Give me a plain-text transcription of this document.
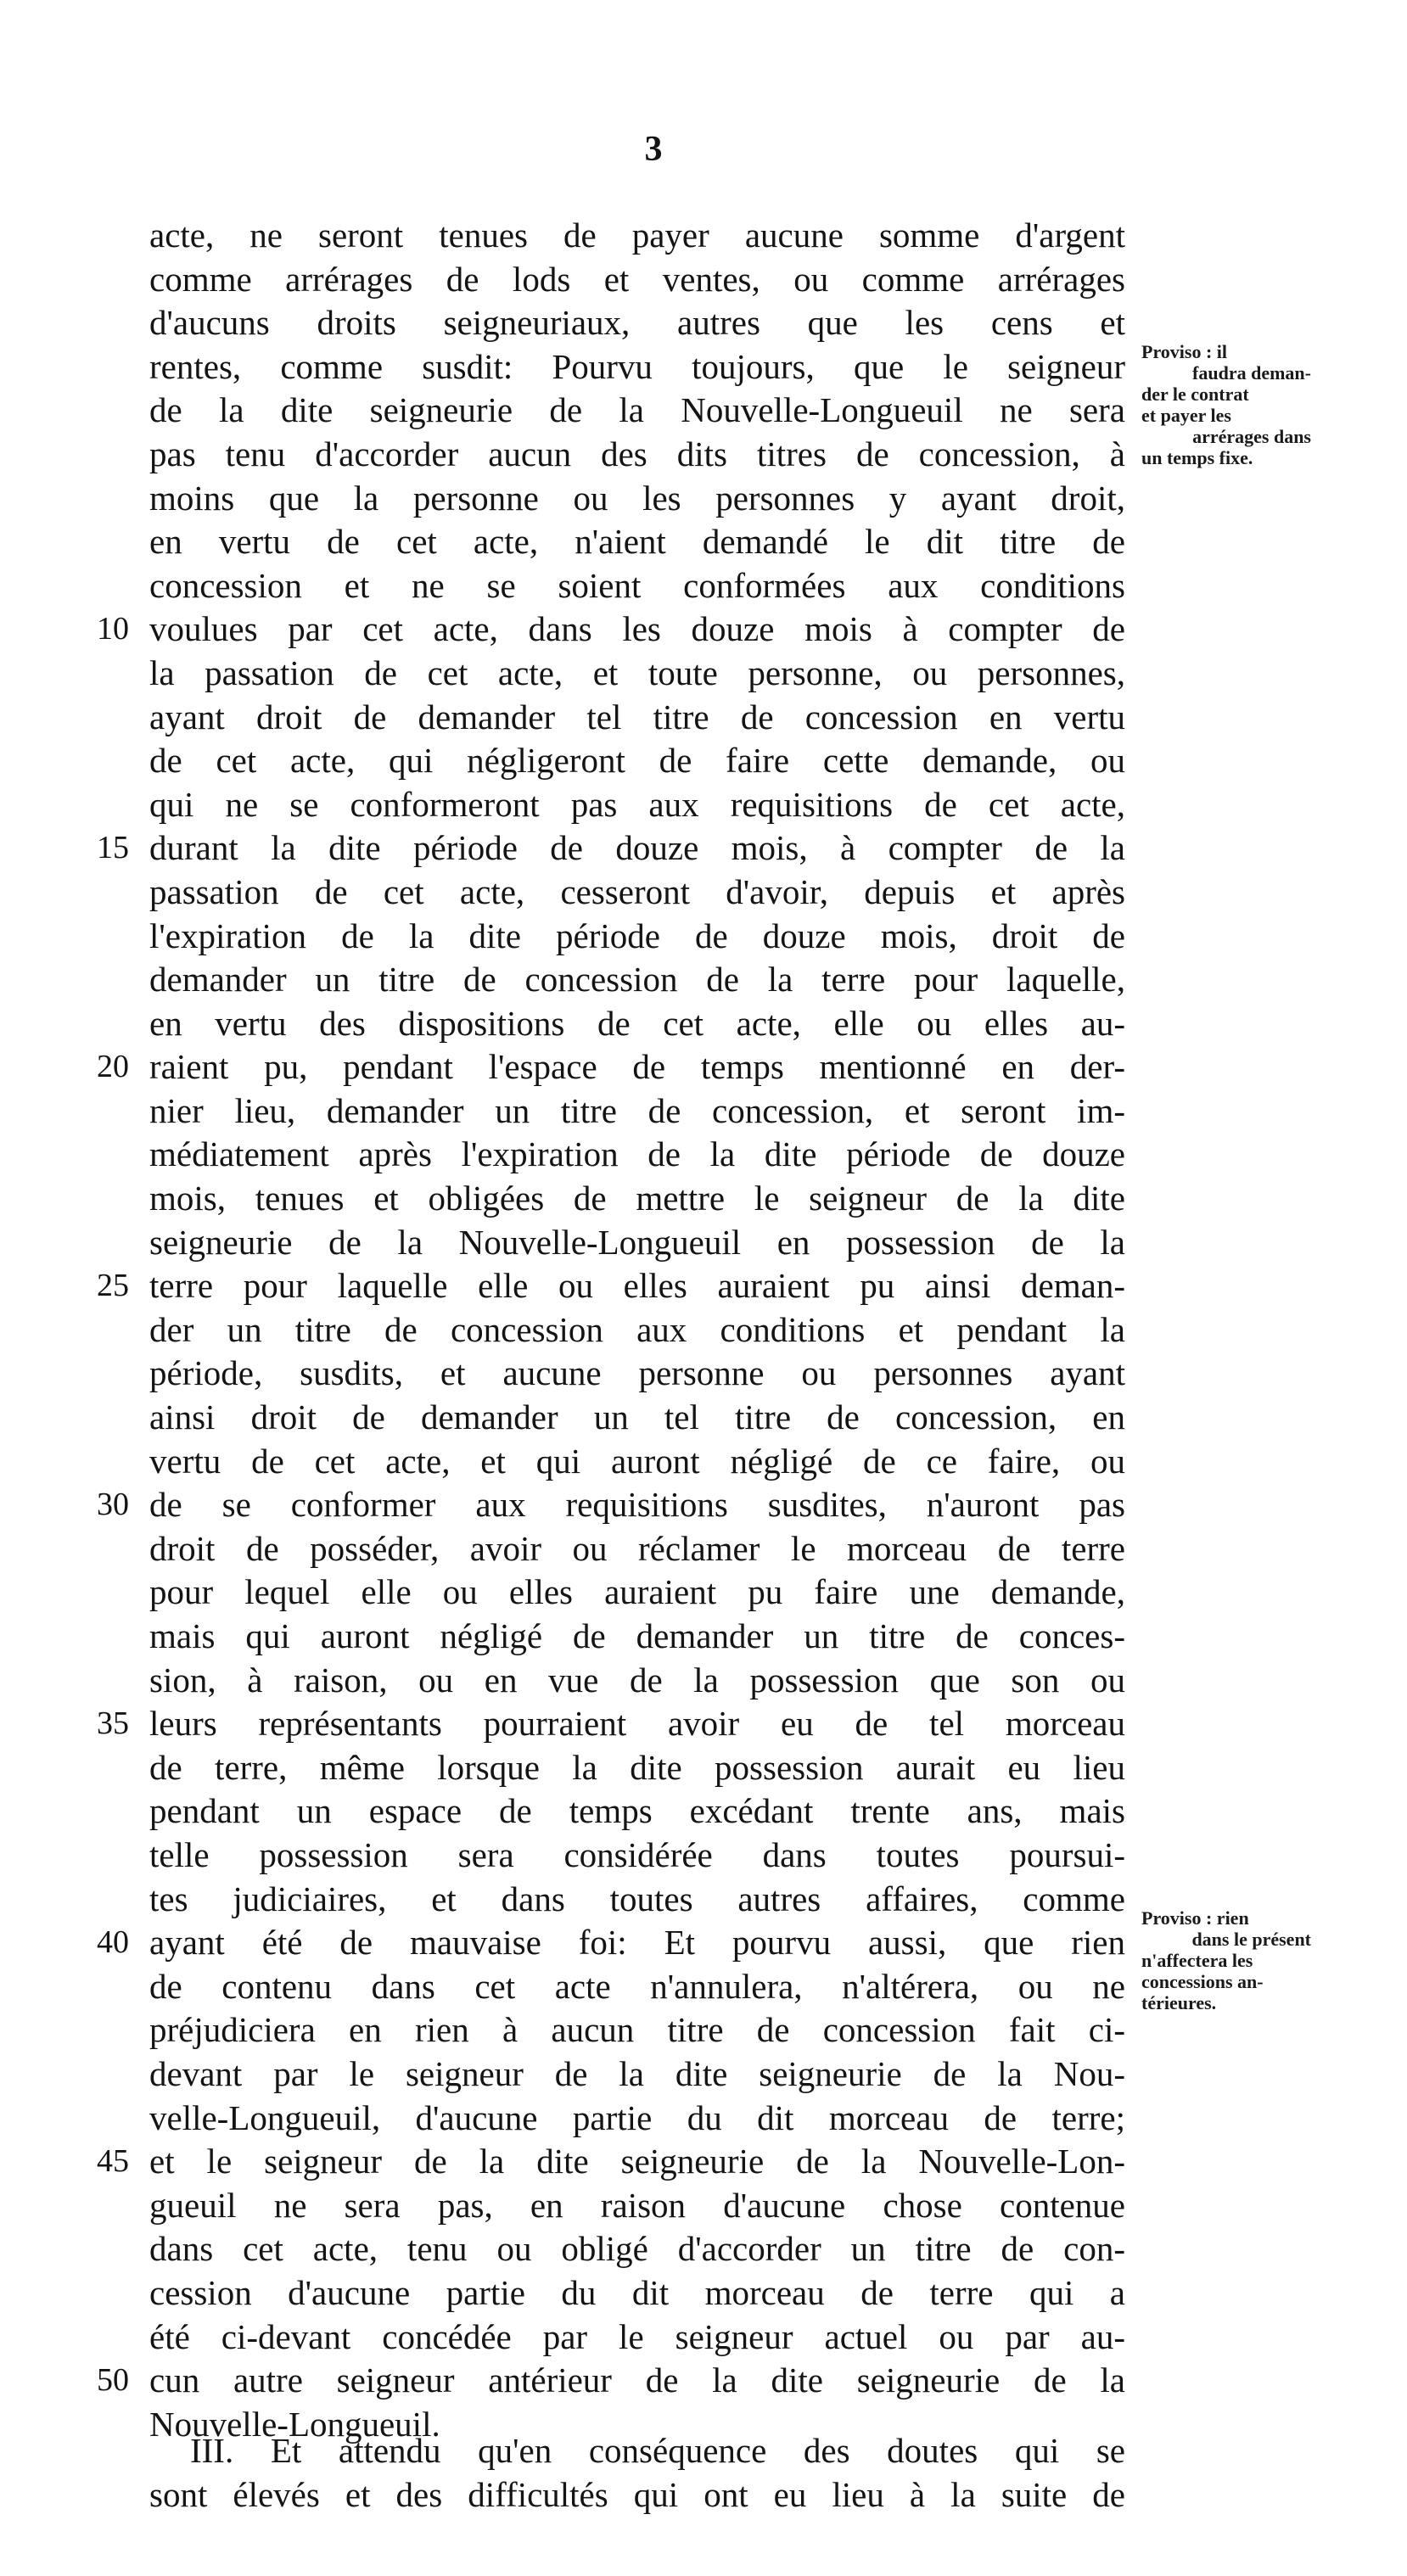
3
acte, ne seront tenues de payer aucune somme d'argent
comme arrérages de lods et ventes, ou comme arrérages
d'aucuns droits seigneuriaux, autres que les cens et
rentes, comme susdit: Pourvu toujours, que le seigneur
de la dite seigneurie de la Nouvelle-Longueuil ne sera
pas tenu d'accorder aucun des dits titres de concession, à
moins que la personne ou les personnes y ayant droit,
en vertu de cet acte, n'aient demandé le dit titre de
concession et ne se soient conformées aux conditions
10 voulues par cet acte, dans les douze mois à compter de
la passation de cet acte, et toute personne, ou personnes,
ayant droit de demander tel titre de concession en vertu
de cet acte, qui négligeront de faire cette demande, ou
qui ne se conformeront pas aux requisitions de cet acte,
15 durant la dite période de douze mois, à compter de la
passation de cet acte, cesseront d'avoir, depuis et après
l'expiration de la dite période de douze mois, droit de
demander un titre de concession de la terre pour laquelle,
en vertu des dispositions de cet acte, elle ou elles au-
20 raient pu, pendant l'espace de temps mentionné en der-
nier lieu, demander un titre de concession, et seront im-
médiatement après l'expiration de la dite période de douze
mois, tenues et obligées de mettre le seigneur de la dite
seigneurie de la Nouvelle-Longueuil en possession de la
25 terre pour laquelle elle ou elles auraient pu ainsi deman-
der un titre de concession aux conditions et pendant la
période, susdits, et aucune personne ou personnes ayant
ainsi droit de demander un tel titre de concession, en
vertu de cet acte, et qui auront négligé de ce faire, ou
30 de se conformer aux requisitions susdites, n'auront pas
droit de posséder, avoir ou réclamer le morceau de terre
pour lequel elle ou elles auraient pu faire une demande,
mais qui auront négligé de demander un titre de conces-
sion, à raison, ou en vue de la possession que son ou
35 leurs représentants pourraient avoir eu de tel morceau
de terre, même lorsque la dite possession aurait eu lieu
pendant un espace de temps excédant trente ans, mais
telle possession sera considérée dans toutes poursui-
tes judiciaires, et dans toutes autres affaires, comme
40 ayant été de mauvaise foi: Et pourvu aussi, que rien
de contenu dans cet acte n'annulera, n'altérera, ou ne
préjudiciera en rien à aucun titre de concession fait ci-
devant par le seigneur de la dite seigneurie de la Nou-
velle-Longueuil, d'aucune partie du dit morceau de terre;
45 et le seigneur de la dite seigneurie de la Nouvelle-Lon-
gueuil ne sera pas, en raison d'aucune chose contenue
dans cet acte, tenu ou obligé d'accorder un titre de con-
cession d'aucune partie du dit morceau de terre qui a
été ci-devant concédée par le seigneur actuel ou par au-
50 cun autre seigneur antérieur de la dite seigneurie de la
Nouvelle-Longueuil.
III. Et attendu qu'en conséquence des doutes qui se
sont élevés et des difficultés qui ont eu lieu à la suite de
Proviso : il
faudra deman-
der le contrat
et payer les
arrérages dans
un temps fixe.
Proviso : rien
dans le présent
n'affectera les
concessions an-
térieures.
